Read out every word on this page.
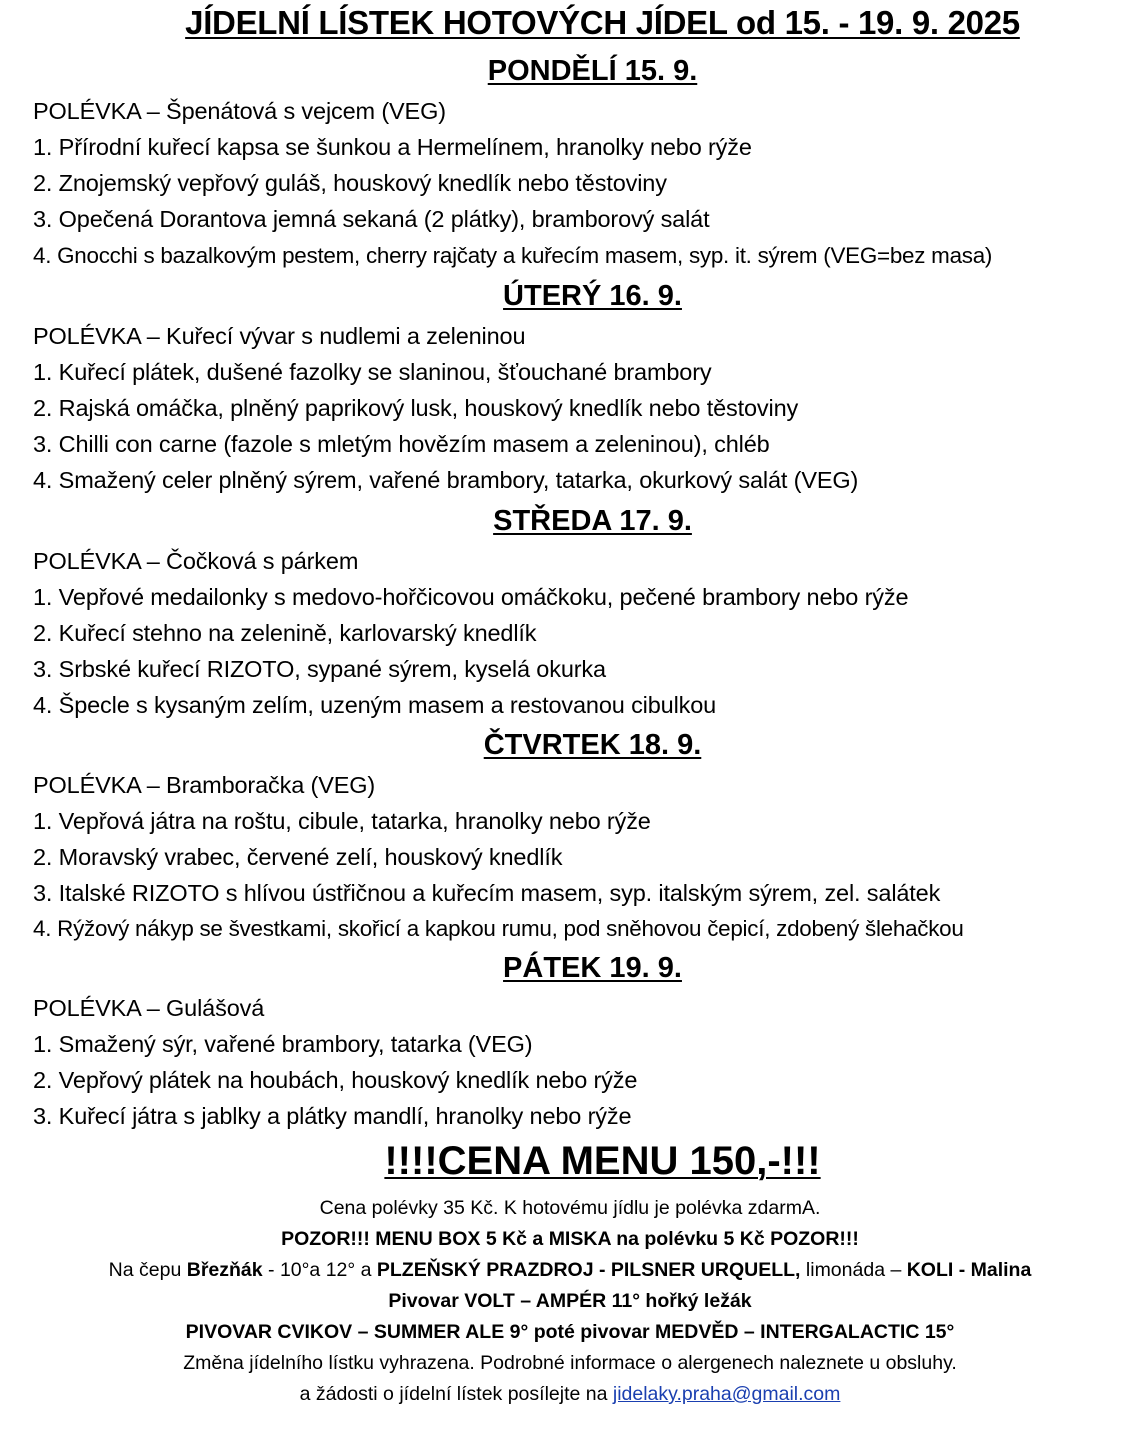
JÍDELNÍ LÍSTEK HOTOVÝCH JÍDEL od 15. - 19. 9. 2025
PONDĚLÍ 15. 9.
POLÉVKA – Špenátová s vejcem (VEG)
1. Přírodní kuřecí kapsa se šunkou a Hermelínem, hranolky nebo rýže
2. Znojemský vepřový guláš, houskový knedlík nebo těstoviny
3. Opečená Dorantova jemná sekaná (2 plátky), bramborový salát
4. Gnocchi s bazalkovým pestem, cherry rajčaty a kuřecím masem, syp. it. sýrem (VEG=bez masa)
ÚTERÝ 16. 9.
POLÉVKA – Kuřecí vývar s nudlemi a zeleninou
1. Kuřecí plátek, dušené fazolky se slaninou, šťouchané brambory
2. Rajská omáčka, plněný paprikový lusk, houskový knedlík nebo těstoviny
3. Chilli con carne (fazole s mletým hovězím masem a zeleninou), chléb
4. Smažený celer plněný sýrem, vařené brambory, tatarka, okurkový salát (VEG)
STŘEDA 17. 9.
POLÉVKA – Čočková s párkem
1. Vepřové medailonky s medovo-hořčicovou omáčkoku, pečené brambory nebo rýže
2. Kuřecí stehno na zelenině, karlovarský knedlík
3. Srbské kuřecí RIZOTO, sypané sýrem, kyselá okurka
4. Špecle s kysaným zelím, uzeným masem a restovanou cibulkou
ČTVRTEK 18. 9.
POLÉVKA – Bramboračka (VEG)
1. Vepřová játra na roštu, cibule, tatarka, hranolky nebo rýže
2. Moravský vrabec, červené zelí, houskový knedlík
3. Italské RIZOTO s hlívou ústřičnou a kuřecím masem, syp. italským sýrem, zel. salátek
4. Rýžový nákyp se švestkami, skořicí a kapkou rumu, pod sněhovou čepicí, zdobený šlehačkou
PÁTEK 19. 9.
POLÉVKA – Gulášová
1. Smažený sýr, vařené brambory, tatarka (VEG)
2. Vepřový plátek na houbách, houskový knedlík nebo rýže
3. Kuřecí játra s jablky a plátky mandlí, hranolky nebo rýže
!!!!CENA MENU 150,-!!!
Cena polévky 35 Kč. K hotovému jídlu je polévka zdarmA.
POZOR!!! MENU BOX 5 Kč a MISKA na polévku 5 Kč POZOR!!!
Na čepu Březňák - 10°a 12° a PLZEŇSKÝ PRAZDROJ - PILSNER URQUELL, limonáda – KOLI - Malina
Pivovar VOLT – AMPÉR 11° hořký ležák
PIVOVAR CVIKOV – SUMMER ALE 9° poté pivovar MEDVĚD – INTERGALACTIC 15°
Změna jídelního lístku vyhrazena. Podrobné informace o alergenech naleznete u obsluhy.
a žádosti o jídelní lístek posílejte na jidelaky.praha@gmail.com
